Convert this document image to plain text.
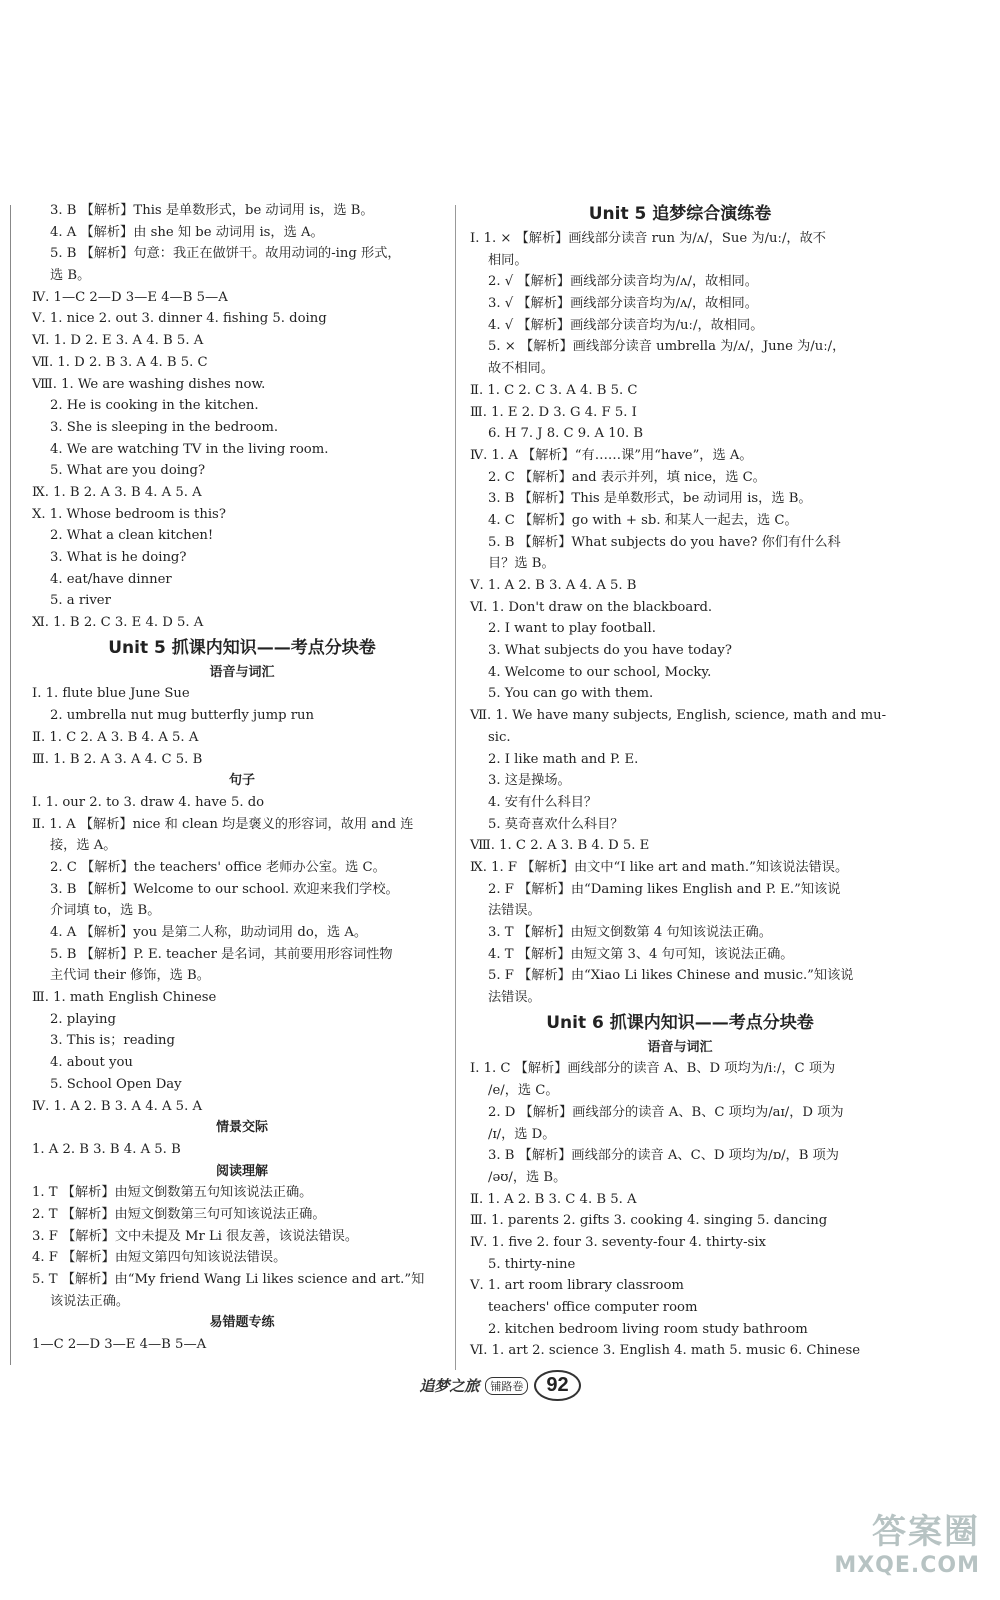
3. B 【解析】This 是单数形式，be 动词用 is，选 B。
4. A 【解析】由 she 知 be 动词用 is，选 A。
5. B 【解析】句意：我正在做饼干。故用动词的-ing 形式，
选 B。
Ⅳ. 1—C 2—D 3—E 4—B 5—A
Ⅴ. 1. nice 2. out 3. dinner 4. fishing 5. doing
Ⅵ. 1. D 2. E 3. A 4. B 5. A
Ⅶ. 1. D 2. B 3. A 4. B 5. C
Ⅷ. 1. We are washing dishes now.
2. He is cooking in the kitchen.
3. She is sleeping in the bedroom.
4. We are watching TV in the living room.
5. What are you doing?
Ⅸ. 1. B 2. A 3. B 4. A 5. A
Ⅹ. 1. Whose bedroom is this?
2. What a clean kitchen!
3. What is he doing?
4. eat/have dinner
5. a river
Ⅺ. 1. B 2. C 3. E 4. D 5. A
Unit 5 抓课内知识——考点分块卷
语音与词汇
Ⅰ. 1. flute blue June Sue
2. umbrella nut mug butterfly jump run
Ⅱ. 1. C 2. A 3. B 4. A 5. A
Ⅲ. 1. B 2. A 3. A 4. C 5. B
句子
Ⅰ. 1. our 2. to 3. draw 4. have 5. do
Ⅱ. 1. A 【解析】nice 和 clean 均是褒义的形容词，故用 and 连
接，选 A。
2. C 【解析】the teachers' office 老师办公室。选 C。
3. B 【解析】Welcome to our school. 欢迎来我们学校。
介词填 to，选 B。
4. A 【解析】you 是第二人称，助动词用 do，选 A。
5. B 【解析】P. E. teacher 是名词，其前要用形容词性物
主代词 their 修饰，选 B。
Ⅲ. 1. math English Chinese
2. playing
3. This is；reading
4. about you
5. School Open Day
Ⅳ. 1. A 2. B 3. A 4. A 5. A
情景交际
1. A 2. B 3. B 4. A 5. B
阅读理解
1. T 【解析】由短文倒数第五句知该说法正确。
2. T 【解析】由短文倒数第三句可知该说法正确。
3. F 【解析】文中未提及 Mr Li 很友善，该说法错误。
4. F 【解析】由短文第四句知该说法错误。
5. T 【解析】由“My friend Wang Li likes science and art.”知
该说法正确。
易错题专练
1—C 2—D 3—E 4—B 5—A
Unit 5 追梦综合演练卷
Ⅰ. 1. × 【解析】画线部分读音 run 为/ʌ/，Sue 为/uː/，故不
相同。
2. √ 【解析】画线部分读音均为/ʌ/，故相同。
3. √ 【解析】画线部分读音均为/ʌ/，故相同。
4. √ 【解析】画线部分读音均为/uː/，故相同。
5. × 【解析】画线部分读音 umbrella 为/ʌ/，June 为/uː/，
故不相同。
Ⅱ. 1. C 2. C 3. A 4. B 5. C
Ⅲ. 1. E 2. D 3. G 4. F 5. I
6. H 7. J 8. C 9. A 10. B
Ⅳ. 1. A 【解析】“有……课”用“have”，选 A。
2. C 【解析】and 表示并列，填 nice，选 C。
3. B 【解析】This 是单数形式，be 动词用 is，选 B。
4. C 【解析】go with + sb. 和某人一起去，选 C。
5. B 【解析】What subjects do you have? 你们有什么科
目？选 B。
Ⅴ. 1. A 2. B 3. A 4. A 5. B
Ⅵ. 1. Don't draw on the blackboard.
2. I want to play football.
3. What subjects do you have today?
4. Welcome to our school, Mocky.
5. You can go with them.
Ⅶ. 1. We have many subjects, English, science, math and mu-
sic.
2. I like math and P. E.
3. 这是操场。
4. 安有什么科目？
5. 莫奇喜欢什么科目？
Ⅷ. 1. C 2. A 3. B 4. D 5. E
Ⅸ. 1. F 【解析】由文中“I like art and math.”知该说法错误。
2. F 【解析】由“Daming likes English and P. E.”知该说
法错误。
3. T 【解析】由短文倒数第 4 句知该说法正确。
4. T 【解析】由短文第 3、4 句可知，该说法正确。
5. F 【解析】由“Xiao Li likes Chinese and music.”知该说
法错误。
Unit 6 抓课内知识——考点分块卷
语音与词汇
Ⅰ. 1. C 【解析】画线部分的读音 A、B、D 项均为/iː/，C 项为
/e/，选 C。
2. D 【解析】画线部分的读音 A、B、C 项均为/aɪ/，D 项为
/ɪ/，选 D。
3. B 【解析】画线部分的读音 A、C、D 项均为/ɒ/，B 项为
/əʊ/，选 B。
Ⅱ. 1. A 2. B 3. C 4. B 5. A
Ⅲ. 1. parents 2. gifts 3. cooking 4. singing 5. dancing
Ⅳ. 1. five 2. four 3. seventy-four 4. thirty-six
5. thirty-nine
Ⅴ. 1. art room library classroom
teachers' office computer room
2. kitchen bedroom living room study bathroom
Ⅵ. 1. art 2. science 3. English 4. math 5. music 6. Chinese
追梦之旅	铺路卷	92
答案圈
MXQE.COM
